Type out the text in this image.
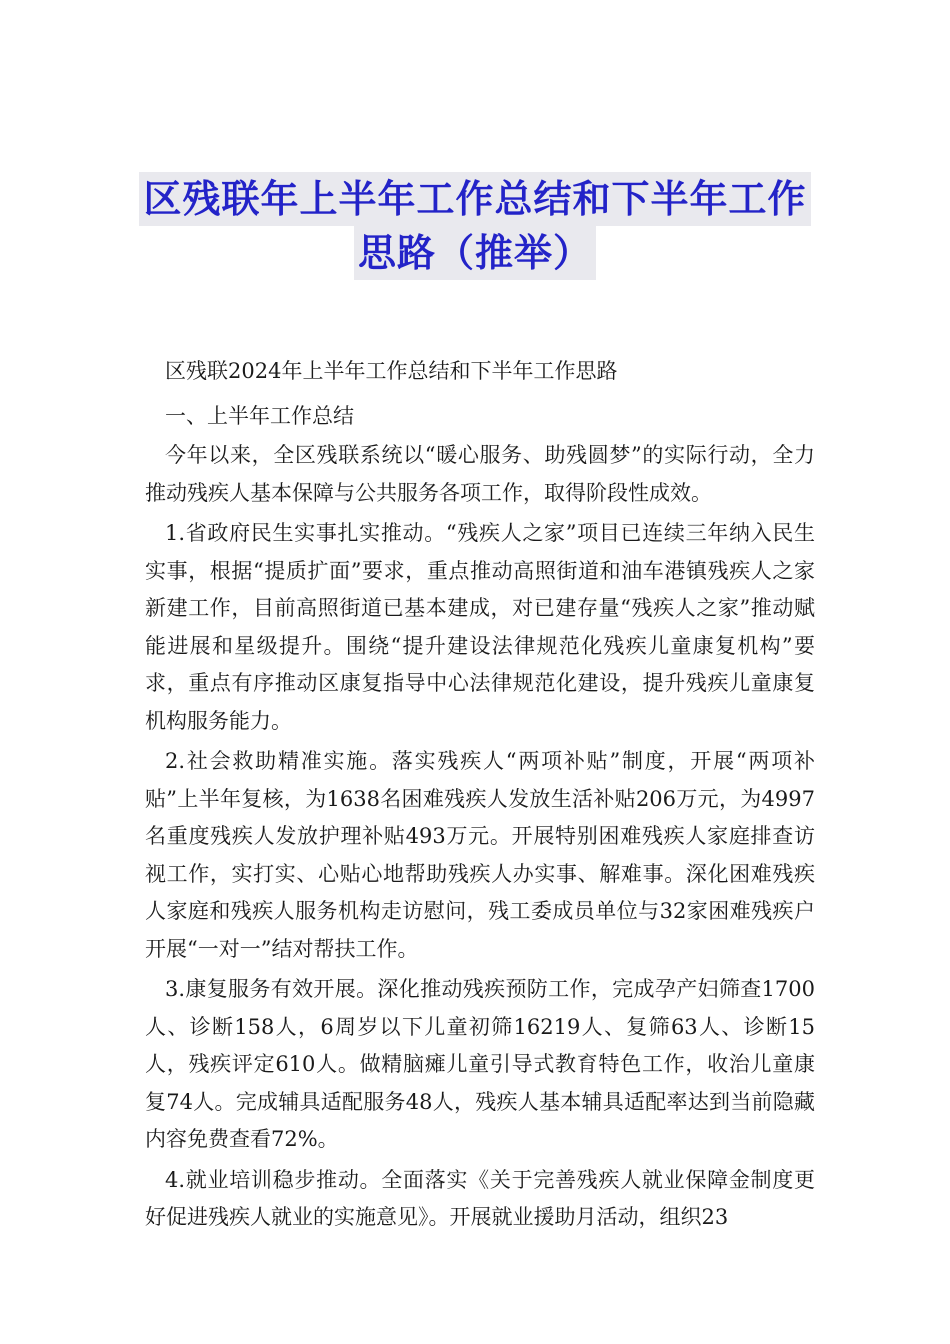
区残联年上半年工作总结和下半年工作
思路（推举）

区残联2024年上半年工作总结和下半年工作思路

一、上半年工作总结

今年以来，全区残联系统以“暖心服务、助残圆梦”的实际行动，全力推动残疾人基本保障与公共服务各项工作，取得阶段性成效。

1.省政府民生实事扎实推动。“残疾人之家”项目已连续三年纳入民生实事，根据“提质扩面”要求，重点推动高照街道和油车港镇残疾人之家新建工作，目前高照街道已基本建成，对已建存量“残疾人之家”推动赋能进展和星级提升。围绕“提升建设法律规范化残疾儿童康复机构”要求，重点有序推动区康复指导中心法律规范化建设，提升残疾儿童康复机构服务能力。

2.社会救助精准实施。落实残疾人“两项补贴”制度，开展“两项补贴”上半年复核，为1638名困难残疾人发放生活补贴206万元，为4997名重度残疾人发放护理补贴493万元。开展特别困难残疾人家庭排查访视工作，实打实、心贴心地帮助残疾人办实事、解难事。深化困难残疾人家庭和残疾人服务机构走访慰问，残工委成员单位与32家困难残疾户开展“一对一”结对帮扶工作。

3.康复服务有效开展。深化推动残疾预防工作，完成孕产妇筛查1700人、诊断158人，6周岁以下儿童初筛16219人、复筛63人、诊断15人，残疾评定610人。做精脑瘫儿童引导式教育特色工作，收治儿童康复74人。完成辅具适配服务48人，残疾人基本辅具适配率达到当前隐藏内容免费查看72%。

4.就业培训稳步推动。全面落实《关于完善残疾人就业保障金制度更好促进残疾人就业的实施意见》。开展就业援助月活动，组织23
